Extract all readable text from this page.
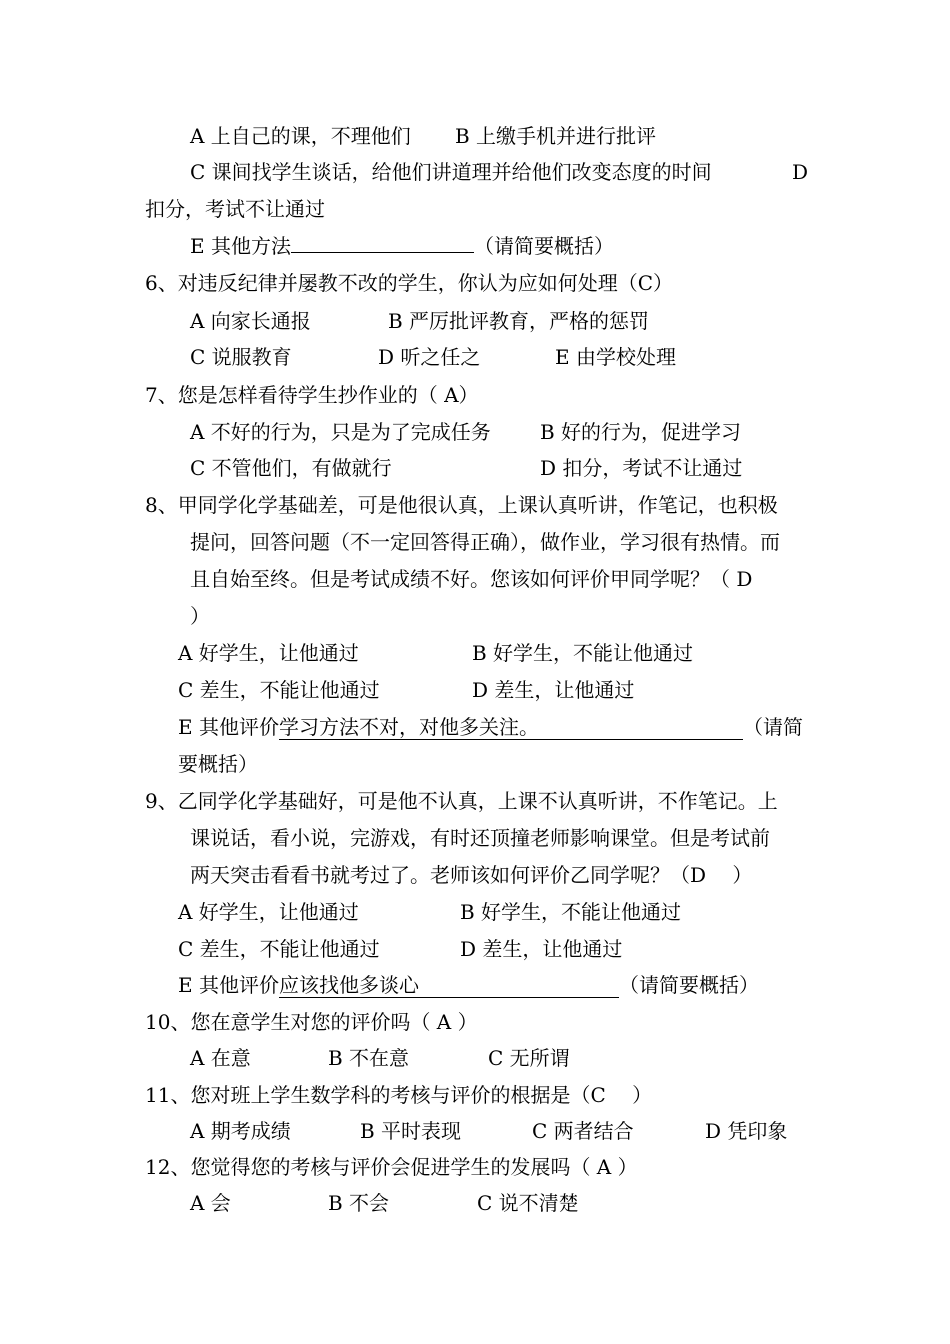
A 上自己的课，不理他们 B 上缴手机并进行批评
C 课间找学生谈话，给他们讲道理并给他们改变态度的时间	D
扣分，考试不让通过
E 其他方法	（请简要概括）
6、对违反纪律并屡教不改的学生，你认为应如何处理（C）
A 向家长通报	B 严厉批评教育，严格的惩罚
C 说服教育	D 听之任之	E 由学校处理
7、您是怎样看待学生抄作业的（ A）
A 不好的行为，只是为了完成任务 B 好的行为，促进学习
C 不管他们，有做就行	D 扣分，考试不让通过
8、甲同学化学基础差，可是他很认真，上课认真听讲，作笔记，也积极
提问，回答问题（不一定回答得正确），做作业，学习很有热情。而
且自始至终。但是考试成绩不好。您该如何评价甲同学呢？（ D
）
A 好学生，让他通过	B 好学生，不能让他通过
C 差生，不能让他通过	D 差生，让他通过
E 其他评价学习方法不对，对他多关注。	（请简
要概括）
9、乙同学化学基础好，可是他不认真，上课不认真听讲，不作笔记。上
课说话，看小说，完游戏，有时还顶撞老师影响课堂。但是考试前
两天突击看看书就考过了。老师该如何评价乙同学呢？（D　 ）
A 好学生，让他通过	B 好学生，不能让他通过
C 差生，不能让他通过	D 差生，让他通过
E 其他评价应该找他多谈心	（请简要概括）
10、您在意学生对您的评价吗（ A ）
A 在意	B 不在意	C 无所谓
11、您对班上学生数学科的考核与评价的根据是（C　 ）
A 期考成绩	B 平时表现	C 两者结合	D 凭印象
12、您觉得您的考核与评价会促进学生的发展吗（ A ）
A 会	B 不会	C 说不清楚
